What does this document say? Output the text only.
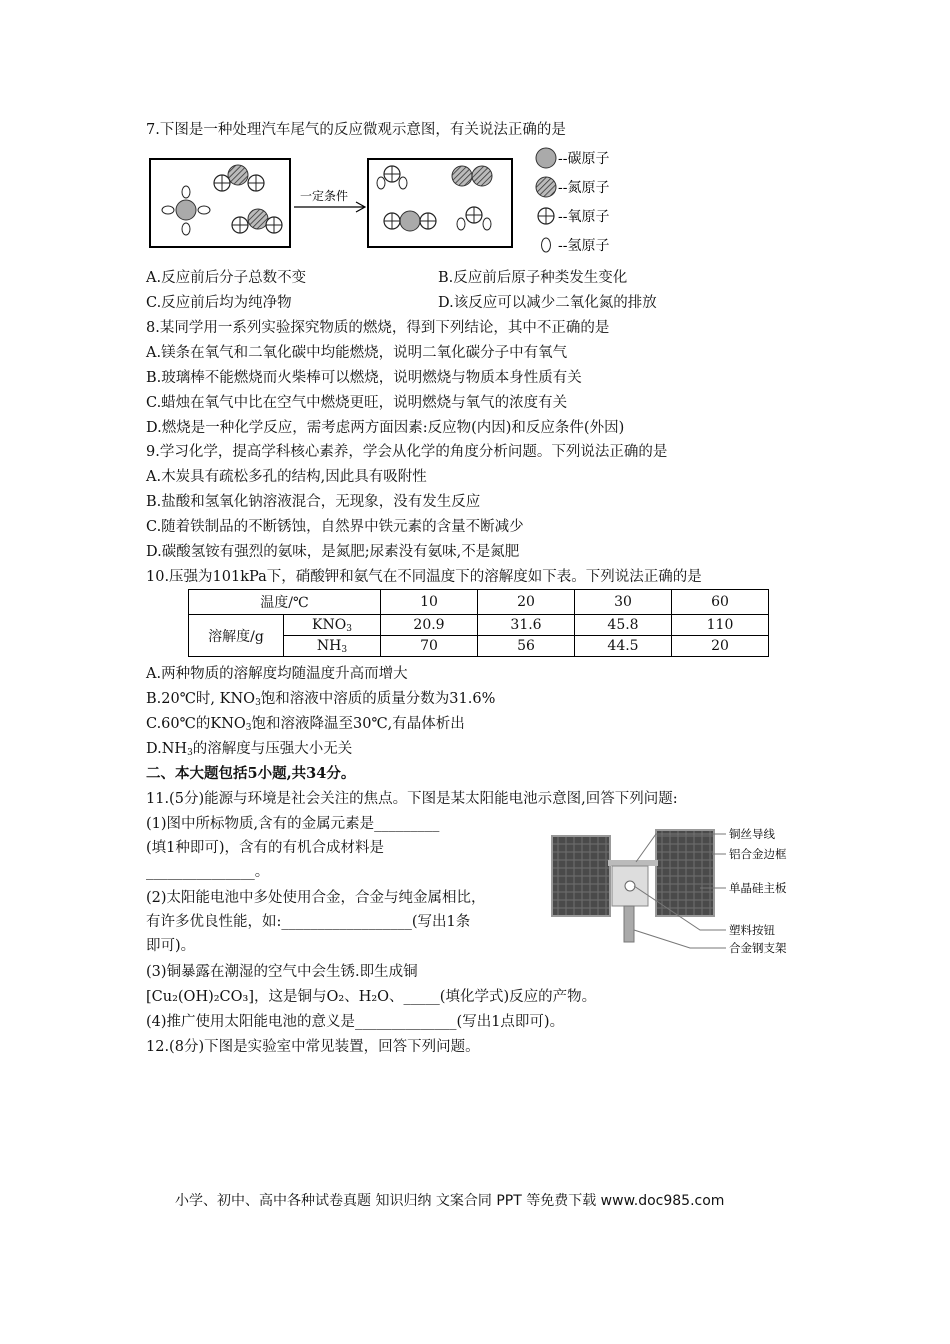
7.下图是一种处理汽车尾气的反应微观示意图，有关说法正确的是
一定条件
--碳原子
--氮原子
--氧原子
--氢原子
A.反应前后分子总数不变	B.反应前后原子种类发生变化
C.反应前后均为纯净物	D.该反应可以减少二氧化氮的排放
8.某同学用一系列实验探究物质的燃烧，得到下列结论，其中不正确的是
A.镁条在氧气和二氧化碳中均能燃烧，说明二氧化碳分子中有氧气
B.玻璃棒不能燃烧而火柴棒可以燃烧，说明燃烧与物质本身性质有关
C.蜡烛在氧气中比在空气中燃烧更旺，说明燃烧与氧气的浓度有关
D.燃烧是一种化学反应，需考虑两方面因素:反应物(内因)和反应条件(外因)
9.学习化学，提高学科核心素养，学会从化学的角度分析问题。下列说法正确的是
A.木炭具有疏松多孔的结构,因此具有吸附性
B.盐酸和氢氧化钠溶液混合，无现象，没有发生反应
C.随着铁制品的不断锈蚀，自然界中铁元素的含量不断减少
D.碳酸氢铵有强烈的氨味，是氮肥;尿素没有氨味,不是氮肥
10.压强为101kPa下，硝酸钾和氨气在不同温度下的溶解度如下表。下列说法正确的是
温度/℃		10	20	30	60
溶解度/g	$KNO_3$	20.9	31.6	45.8	110
	$NH_3$	70	56	44.5	20
A.两种物质的溶解度均随温度升高而增大
B.20℃时, $KNO_3$饱和溶液中溶质的质量分数为31.6%
C.60℃的$KNO_3$饱和溶液降温至30℃,有晶体析出
$D.NH_3$的溶解度与压强大小无关
二、本大题包括5小题,共34分。
11.(5分)能源与环境是社会关注的焦点。下图是某太阳能电池示意图,回答下列问题:
(1)图中所标物质,含有的金属元素是_________
(填1种即可)，含有的有机合成材料是
_______________。
(2)太阳能电池中多处使用合金，合金与纯金属相比，
有许多优良性能，如:__________________(写出1条
即可)。
(3)铜暴露在潮湿的空气中会生锈.即生成铜
[Cu₂(OH)₂CO₃]，这是铜与O₂、H₂O、_____(填化学式)反应的产物。
(4)推广使用太阳能电池的意义是______________(写出1点即可)。
铜丝导线
铝合金边框
单晶硅主板
塑料按钮
合金钢支架
12.(8分)下图是实验室中常见装置，回答下列问题。
小学、初中、高中各种试卷真题 知识归纳 文案合同 PPT 等免费下载 www.doc985.com
